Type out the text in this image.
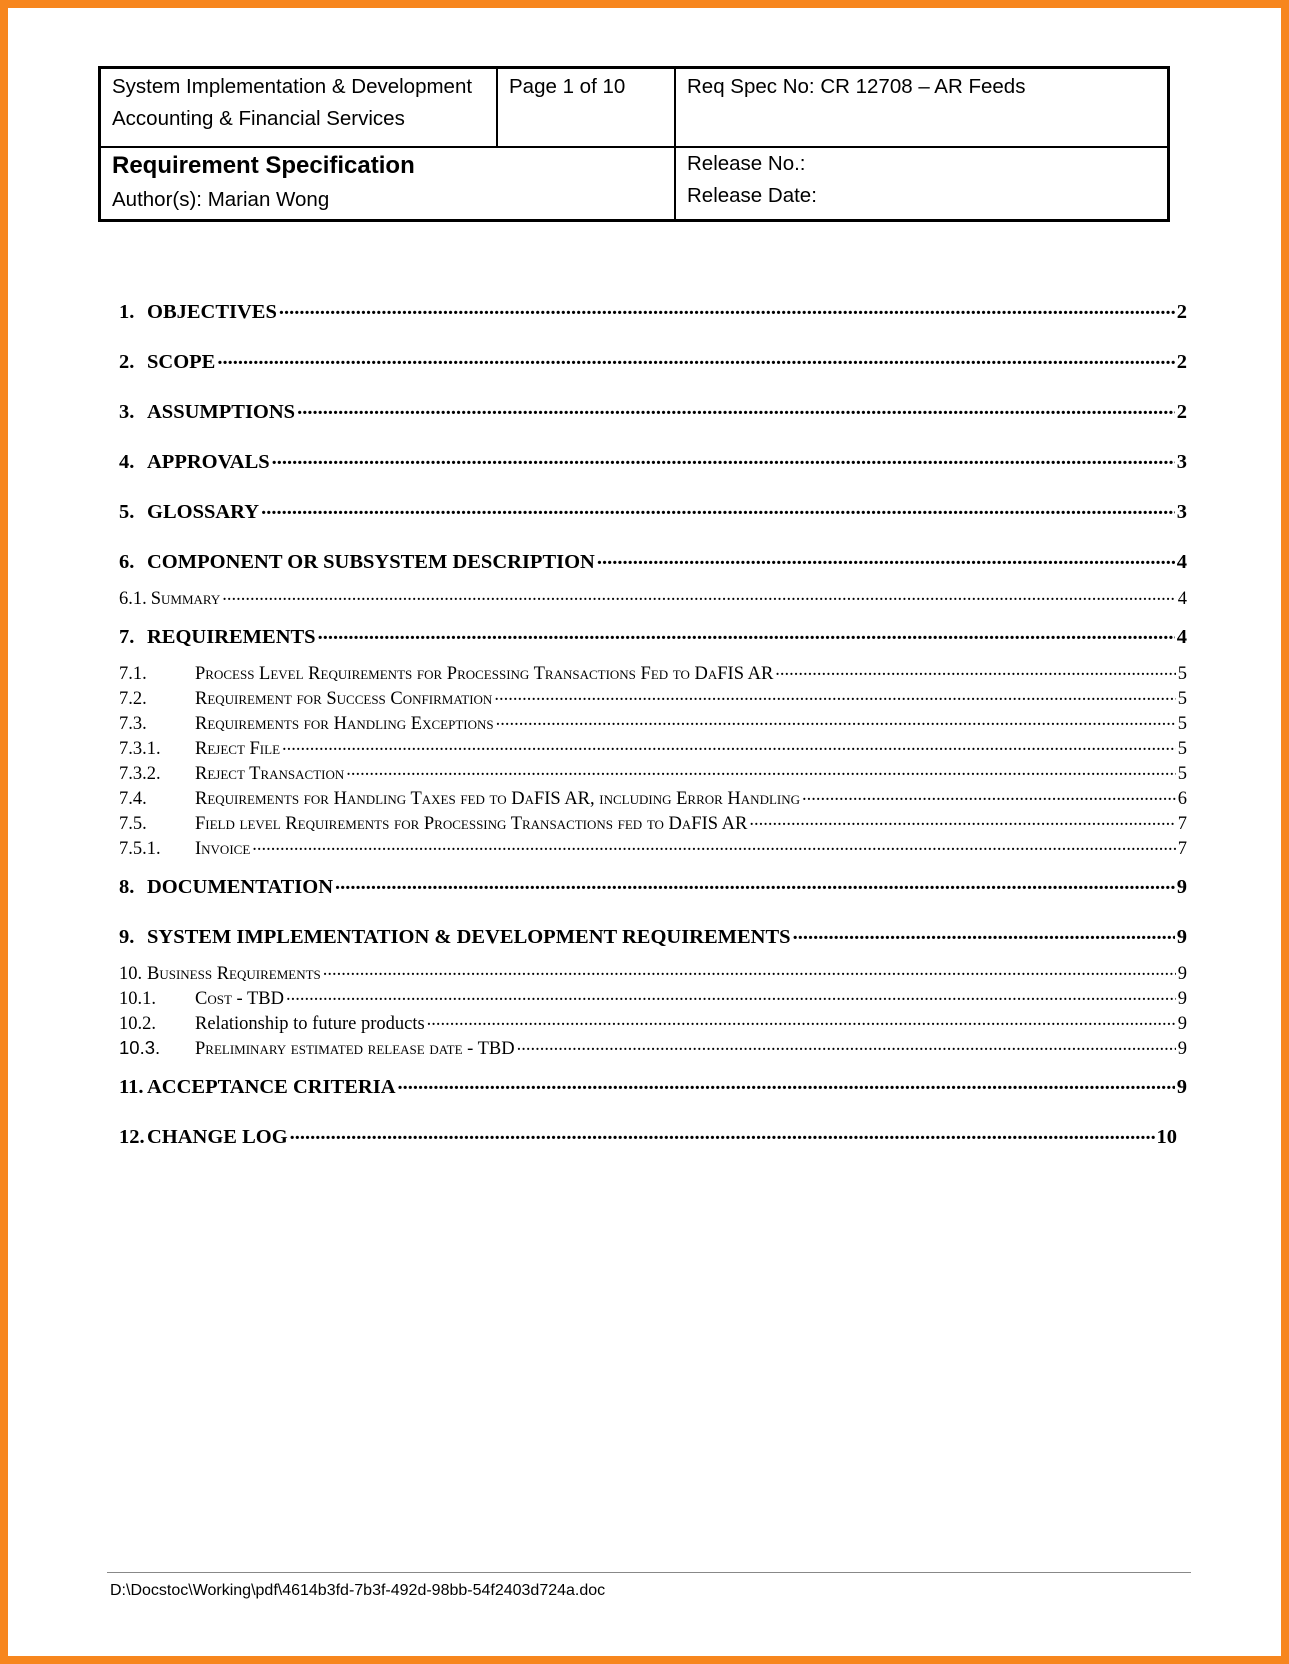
System Implementation & Development
Accounting & Financial Services
Page 1 of 10	Req Spec No: CR 12708 – AR Feeds
Requirement Specification
Author(s): Marian Wong
Release No.:
Release Date:
1. OBJECTIVES .....	2
2. SCOPE .....	2
3. ASSUMPTIONS .....	2
4. APPROVALS .....	3
5. GLOSSARY .....	3
6. COMPONENT OR SUBSYSTEM DESCRIPTION .....	4
6.1. Summary .....	4
7. REQUIREMENTS .....	4
7.1.	Process Level Requirements for Processing Transactions Fed to DaFIS AR .....	5
7.2.	Requirement for Success Confirmation .....	5
7.3.	Requirements for Handling Exceptions .....	5
7.3.1.	Reject File .....	5
7.3.2.	Reject Transaction .....	5
7.4.	Requirements for Handling Taxes fed to DaFIS AR, including Error Handling .....	6
7.5.	Field level Requirements for Processing Transactions fed to DaFIS AR .....	7
7.5.1.	Invoice .....	7
8. DOCUMENTATION .....	9
9. SYSTEM IMPLEMENTATION & DEVELOPMENT REQUIREMENTS .....	9
10. Business Requirements .....	9
10.1.	Cost - TBD .....	9
10.2.	Relationship to future products .....	9
10.3.	Preliminary estimated release date - TBD .....	9
11. ACCEPTANCE CRITERIA .....	9
12. CHANGE LOG .....	10
D:\Docstoc\Working\pdf\4614b3fd-7b3f-492d-98bb-54f2403d724a.doc
